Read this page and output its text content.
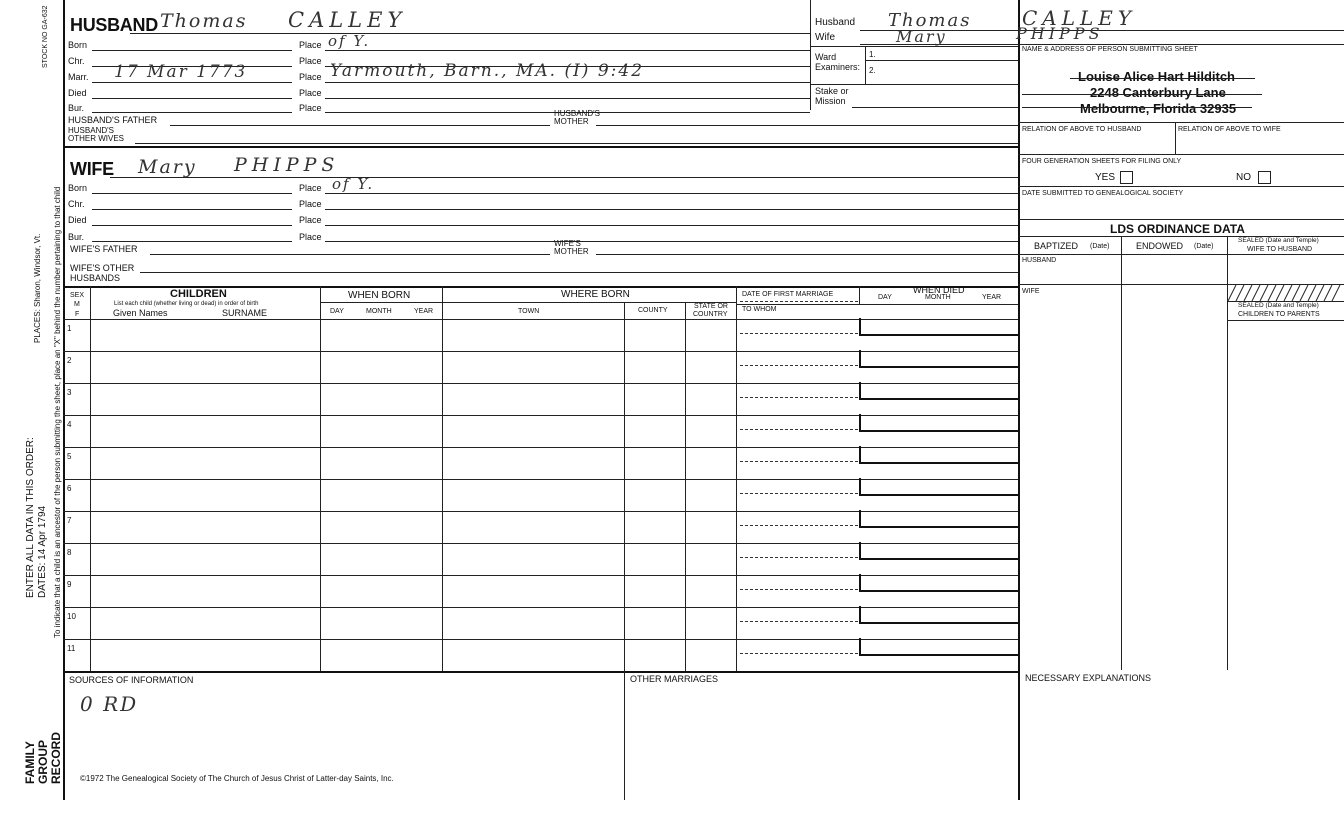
STOCK NO GA-632
PLACES: Sharon, Windsor, Vt. To indicate that a child is an ancestor of the person submitting the sheet, place an "X" behind the number pertaining to that child
ENTER ALL DATA IN THIS ORDER: DATES: 14 Apr 1794
FAMILY GROUP RECORD
HUSBAND Thomas CALLEY
Born	Place of Y.
Chr.	Place
Marr. 17 Mar 1773	Place Yarmouth, Barn., MA. (I) 9:42
Died	Place
Bur.	Place
HUSBAND'S FATHER
HUSBAND'S
MOTHER
HUSBAND'S
OTHER WIVES
WIFE Mary PHIPPS
Born	Place of Y.
Chr.	Place
Died	Place
Bur.	Place
WIFE'S FATHER
WIFE'S
MOTHER
WIFE'S OTHER
HUSBANDS
Husband Thomas	CALLEY
Wife	Mary	PHIPPS
Ward
Examiners:
1.
2.
Stake or
Mission
NAME & ADDRESS OF PERSON SUBMITTING SHEET
Louise Alice Hart Hilditch
2248 Canterbury Lane
Melbourne, Florida 32935
RELATION OF ABOVE TO HUSBAND	RELATION OF ABOVE TO WIFE
FOUR GENERATION SHEETS FOR FILING ONLY
YES	NO
DATE SUBMITTED TO GENEALOGICAL SOCIETY
LDS ORDINANCE DATA
BAPTIZED (Date)	ENDOWED (Date)
SEALED (Date and Temple)
WIFE TO HUSBAND
HUSBAND
WIFE
SEALED (Date and Temple)
CHILDREN TO PARENTS
SEX
M
F
CHILDREN
List each child (whether living or dead) in order of birth
Given Names	SURNAME
WHEN BORN
DAY	MONTH	YEAR
WHERE BORN
TOWN	COUNTY
STATE OR
COUNTRY
DATE OF FIRST MARRIAGE
TO WHOM
WHEN DIED
DAY	MONTH	YEAR
1
2
3
4
5
6
7
8
9
10
11
SOURCES OF INFORMATION
0 RD
OTHER MARRIAGES	NECESSARY EXPLANATIONS
©1972 The Genealogical Society of The Church of Jesus Christ of Latter-day Saints, Inc.
